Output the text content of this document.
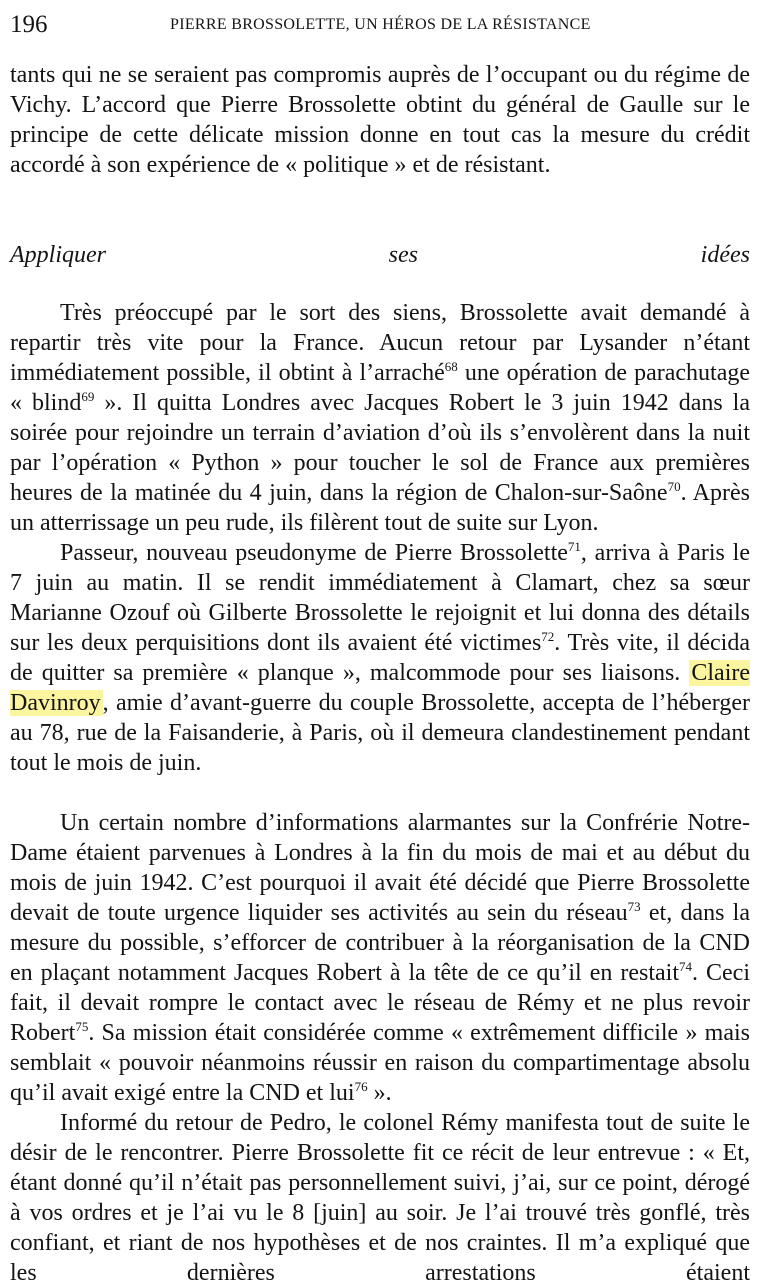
196	PIERRE BROSSOLETTE, UN HÉROS DE LA RÉSISTANCE

tants qui ne se seraient pas compromis auprès de l’occupant ou du régime de Vichy. L’accord que Pierre Brossolette obtint du général de Gaulle sur le principe de cette délicate mission donne en tout cas la mesure du crédit accordé à son expérience de « politique » et de résistant.

Appliquer ses idées

Très préoccupé par le sort des siens, Brossolette avait demandé à repartir très vite pour la France. Aucun retour par Lysander n’étant immédiatement possible, il obtint à l’arraché$^{68}$ une opération de parachutage « blind$^{69}$ ». Il quitta Londres avec Jacques Robert le 3 juin 1942 dans la soirée pour rejoindre un terrain d’aviation d’où ils s’envolèrent dans la nuit par l’opération « Python » pour toucher le sol de France aux premières heures de la matinée du 4 juin, dans la région de Chalon-sur-Saône$^{70}$. Après un atterrissage un peu rude, ils filèrent tout de suite sur Lyon.

Passeur, nouveau pseudonyme de Pierre Brossolette$^{71}$, arriva à Paris le 7 juin au matin. Il se rendit immédiatement à Clamart, chez sa sœur Marianne Ozouf où Gilberte Brossolette le rejoignit et lui donna des détails sur les deux perquisitions dont ils avaient été victimes$^{72}$. Très vite, il décida de quitter sa première « planque », malcommode pour ses liaisons. Claire Davinroy, amie d’avant-guerre du couple Brossolette, accepta de l’héberger au 78, rue de la Faisanderie, à Paris, où il demeura clandestinement pendant tout le mois de juin.

Un certain nombre d’informations alarmantes sur la Confrérie Notre-Dame étaient parvenues à Londres à la fin du mois de mai et au début du mois de juin 1942. C’est pourquoi il avait été décidé que Pierre Brossolette devait de toute urgence liquider ses activités au sein du réseau$^{73}$ et, dans la mesure du possible, s’efforcer de contribuer à la réorganisation de la CND en plaçant notamment Jacques Robert à la tête de ce qu’il en restait$^{74}$. Ceci fait, il devait rompre le contact avec le réseau de Rémy et ne plus revoir Robert$^{75}$. Sa mission était considérée comme « extrêmement difficile » mais semblait « pouvoir néanmoins réussir en raison du compartimentage absolu qu’il avait exigé entre la CND et lui$^{76}$ ».

Informé du retour de Pedro, le colonel Rémy manifesta tout de suite le désir de le rencontrer. Pierre Brossolette fit ce récit de leur entrevue : « Et, étant donné qu’il n’était pas personnellement suivi, j’ai, sur ce point, dérogé à vos ordres et je l’ai vu le 8 [juin] au soir. Je l’ai trouvé très gonflé, très confiant, et riant de nos hypothèses et de nos craintes. Il m’a expliqué que les dernières arrestations étaient
